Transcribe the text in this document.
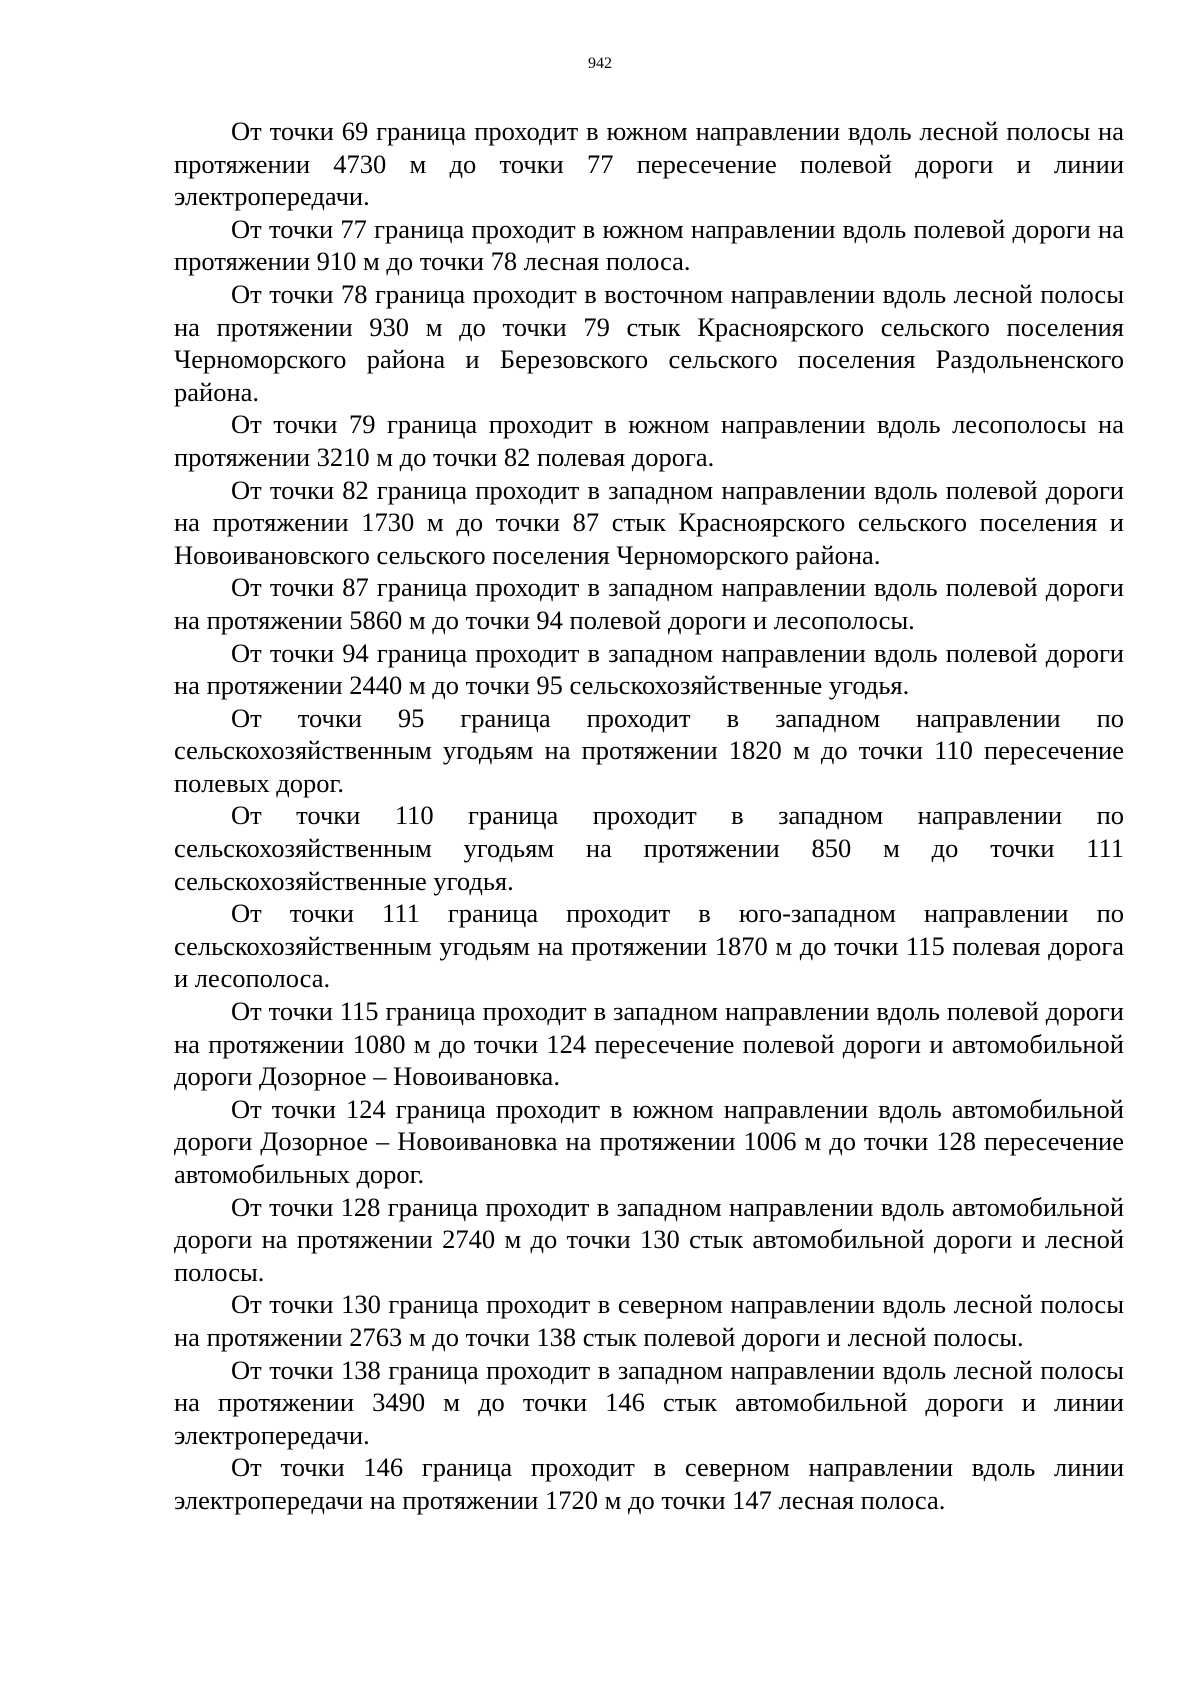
942

От точки 69 граница проходит в южном направлении вдоль лесной полосы на протяжении 4730 м до точки 77 пересечение полевой дороги и линии электропередачи.

От точки 77 граница проходит в южном направлении вдоль полевой дороги на протяжении 910 м до точки 78 лесная полоса.

От точки 78 граница проходит в восточном направлении вдоль лесной полосы на протяжении 930 м до точки 79 стык Красноярского сельского поселения Черноморского района и Березовского сельского поселения Раздольненского района.

От точки 79 граница проходит в южном направлении вдоль лесополосы на протяжении 3210 м до точки 82 полевая дорога.

От точки 82 граница проходит в западном направлении вдоль полевой дороги на протяжении 1730 м до точки 87 стык Красноярского сельского поселения и Новоивановского сельского поселения Черноморского района.

От точки 87 граница проходит в западном направлении вдоль полевой дороги на протяжении 5860 м до точки 94 полевой дороги и лесополосы.

От точки 94 граница проходит в западном направлении вдоль полевой дороги на протяжении 2440 м до точки 95 сельскохозяйственные угодья.

От точки 95 граница проходит в западном направлении по сельскохозяйственным угодьям на протяжении 1820 м до точки 110 пересечение полевых дорог.

От точки 110 граница проходит в западном направлении по сельскохозяйственным угодьям на протяжении 850 м до точки 111 сельскохозяйственные угодья.

От точки 111 граница проходит в юго-западном направлении по сельскохозяйственным угодьям на протяжении 1870 м до точки 115 полевая дорога и лесополоса.

От точки 115 граница проходит в западном направлении вдоль полевой дороги на протяжении 1080 м до точки 124 пересечение полевой дороги и автомобильной дороги Дозорное – Новоивановка.

От точки 124 граница проходит в южном направлении вдоль автомобильной дороги Дозорное – Новоивановка на протяжении 1006 м до точки 128 пересечение автомобильных дорог.

От точки 128 граница проходит в западном направлении вдоль автомобильной дороги на протяжении 2740 м до точки 130 стык автомобильной дороги и лесной полосы.

От точки 130 граница проходит в северном направлении вдоль лесной полосы на протяжении 2763 м до точки 138 стык полевой дороги и лесной полосы.

От точки 138 граница проходит в западном направлении вдоль лесной полосы на протяжении 3490 м до точки 146 стык автомобильной дороги и линии электропередачи.

От точки 146 граница проходит в северном направлении вдоль линии электропередачи на протяжении 1720 м до точки 147 лесная полоса.
